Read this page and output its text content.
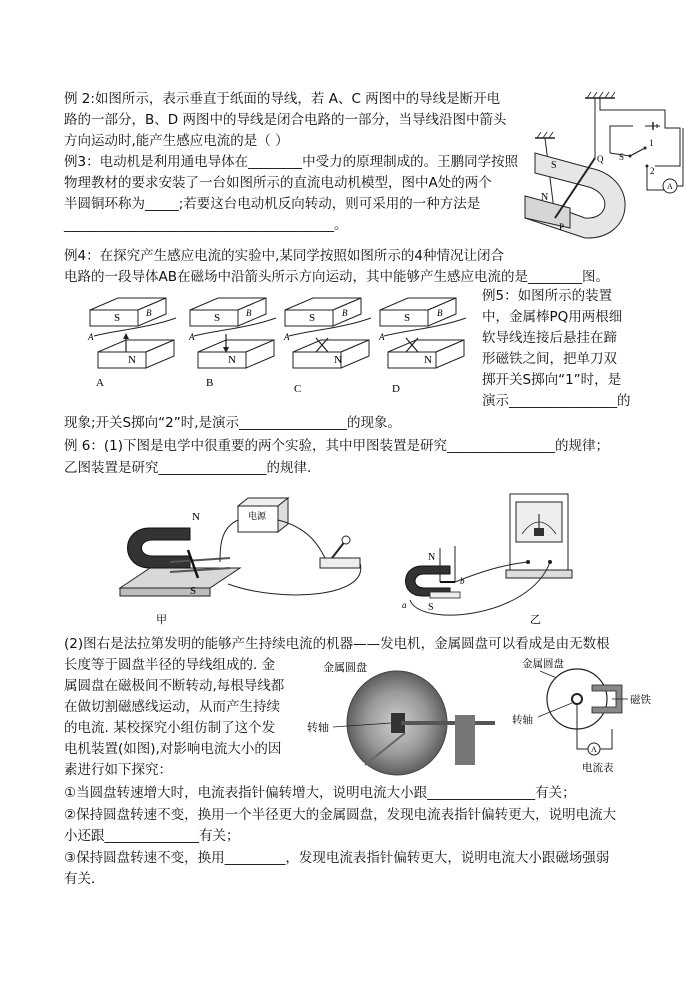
例 2:如图所示，表示垂直于纸面的导线，若 A、C 两图中的导线是断开电
路的一部分，B、D 两图中的导线是闭合电路的一部分，当导线沿图中箭头
方向运动时,能产生感应电流的是（ ）
例3：电动机是利用通电导体在________中受力的原理制成的。王鹏同学按照
物理教材的要求安装了一台如图所示的直流电动机模型，图中A处的两个
半圆铜环称为_____;若要这台电动机反向转动，则可采用的一种方法是
________________________________________。
N
S
P
Q S
1
2
A
例4：在探究产生感应电流的实验中,某同学按照如图所示的4种情况让闭合
电路的一段导体AB在磁场中沿箭头所示方向运动，其中能够产生感应电流的是________图。
S
N
S
N
S
N
S
N
A
B
A
B
A
B
A
B
A	B	C	D
例5：如图所示的装置
中，金属棒PQ用两根细
软导线连接后悬挂在蹄
形磁铁之间，把单刀双
掷开关S掷向“1”时，是
演示________________的
现象;开关S掷向“2”时,是演示________________的现象。
例 6：(1)下图是电学中很重要的两个实验，其中甲图装置是研究________________的规律；
乙图装置是研究________________的规律.
电源
N
S
甲
N
S
a
b
乙
(2)图右是法拉第发明的能够产生持续电流的机器——发电机，金属圆盘可以看成是由无数根
长度等于圆盘半径的导线组成的. 金
属圆盘在磁极间不断转动,每根导线都
在做切割磁感线运动，从而产生持续
的电流. 某校探究小组仿制了这个发
电机装置(如图),对影响电流大小的因
素进行如下探究：
金属圆盘
转轴
金属圆盘
磁铁
转轴
A
电流表
①当圆盘转速增大时，电流表指针偏转增大，说明电流大小跟________________有关；
②保持圆盘转速不变，换用一个半径更大的金属圆盘，发现电流表指针偏转更大，说明电流大
小还跟______________有关；
③保持圆盘转速不变，换用_________，发现电流表指针偏转更大，说明电流大小跟磁场强弱
有关．
